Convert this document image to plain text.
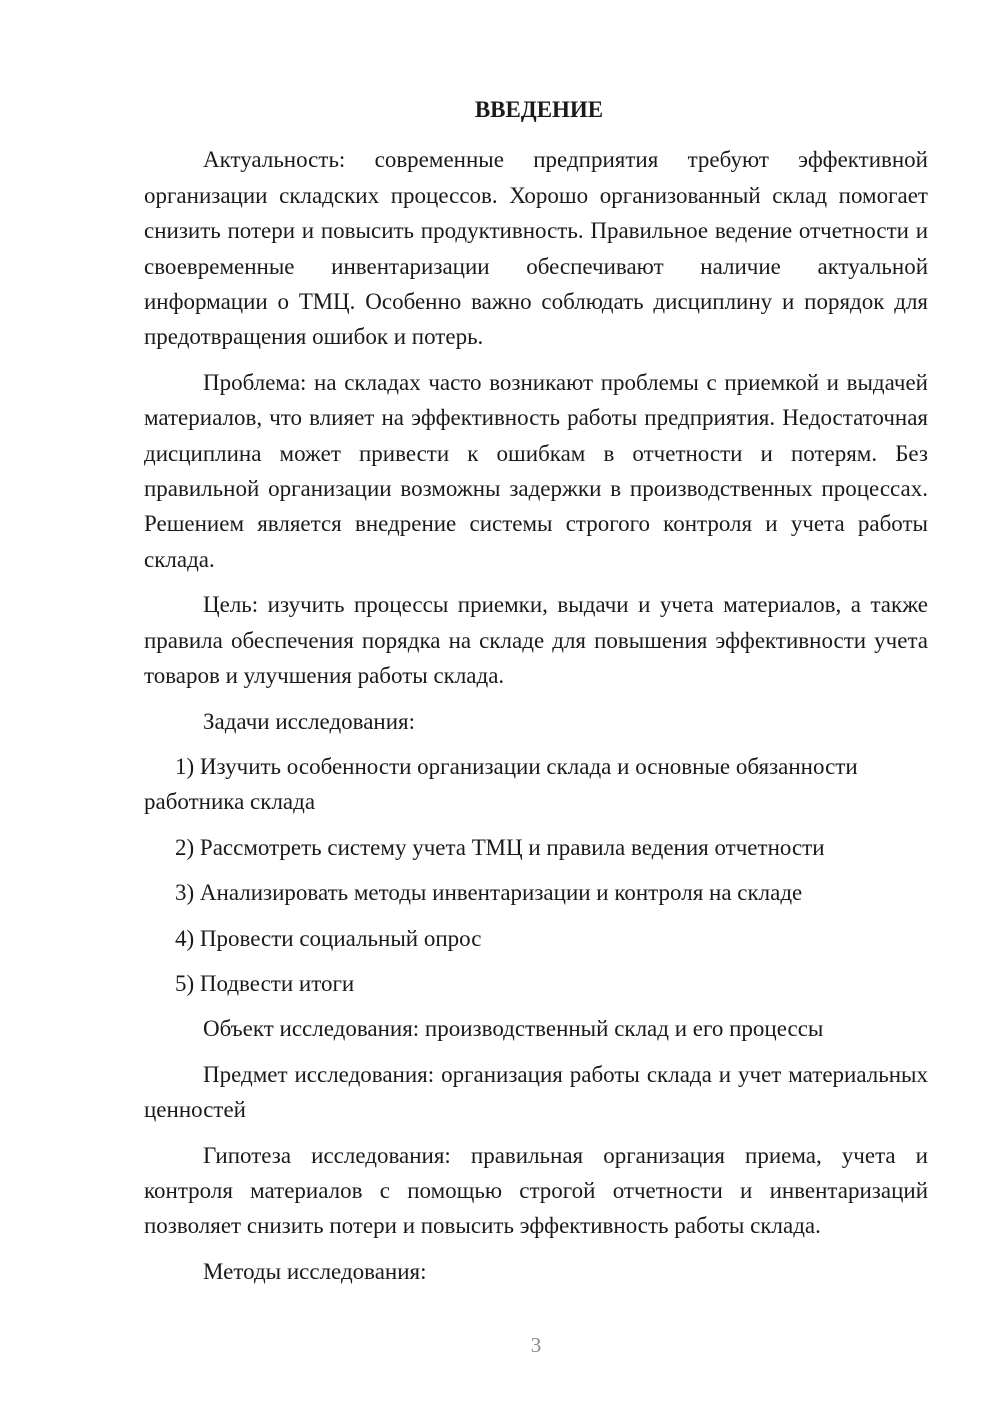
ВВЕДЕНИЕ

Актуальность: современные предприятия требуют эффективной организации складских процессов. Хорошо организованный склад помогает снизить потери и повысить продуктивность. Правильное ведение отчетности и своевременные инвентаризации обеспечивают наличие актуальной информации о ТМЦ. Особенно важно соблюдать дисциплину и порядок для предотвращения ошибок и потерь.

Проблема: на складах часто возникают проблемы с приемкой и выдачей материалов, что влияет на эффективность работы предприятия. Недостаточная дисциплина может привести к ошибкам в отчетности и потерям. Без правильной организации возможны задержки в производственных процессах. Решением является внедрение системы строгого контроля и учета работы склада.

Цель: изучить процессы приемки, выдачи и учета материалов, а также правила обеспечения порядка на складе для повышения эффективности учета товаров и улучшения работы склада.

Задачи исследования:

1) Изучить особенности организации склада и основные обязанности работника склада

2) Рассмотреть систему учета ТМЦ и правила ведения отчетности

3) Анализировать методы инвентаризации и контроля на складе

4) Провести социальный опрос

5) Подвести итоги

Объект исследования: производственный склад и его процессы

Предмет исследования: организация работы склада и учет материальных ценностей

Гипотеза исследования: правильная организация приема, учета и контроля материалов с помощью строгой отчетности и инвентаризаций позволяет снизить потери и повысить эффективность работы склада.

Методы исследования:

3
